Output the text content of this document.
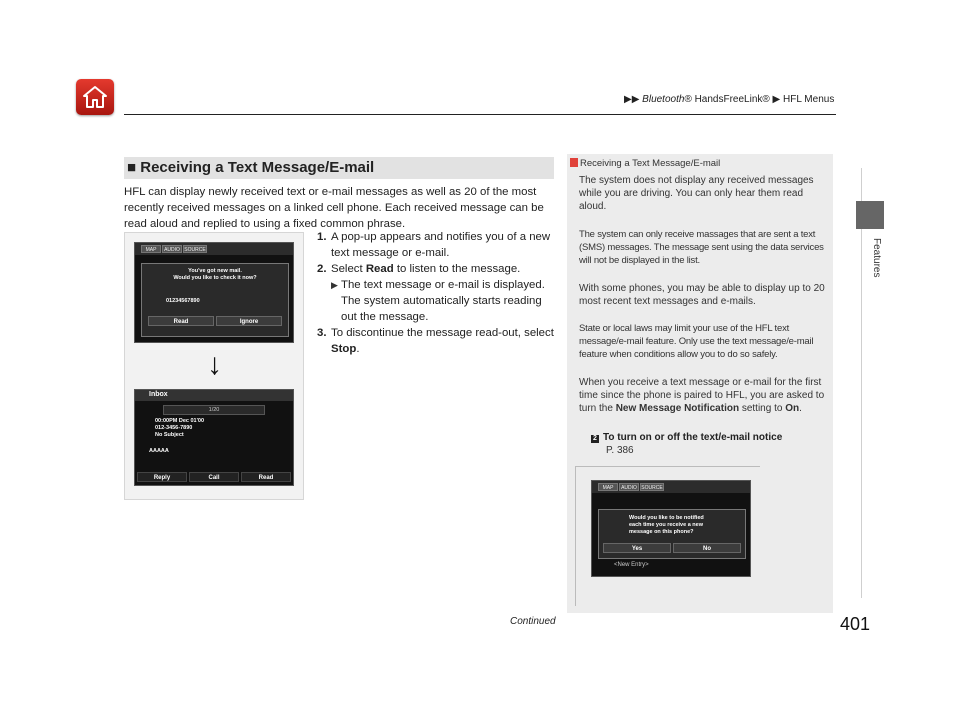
▶▶ Bluetooth® HandsFreeLink® ▶ HFL Menus
Features
■ Receiving a Text Message/E-mail
HFL can display newly received text or e-mail messages as well as 20 of the most recently received messages on a linked cell phone. Each received message can be read aloud and replied to using a fixed common phrase.
MAP	AUDIO SOURCE
You've got new mail.
Would you like to check it now?
01234567890
Read	Ignore
Inbox
1/20
00:00PM Dec 01'00
012-3456-7890
No Subject
AAAAA
Reply	Call	Read
↓

1. A pop-up appears and notifies you of a new text message or e-mail.

2. Select Read to listen to the message.

▶ The text message or e-mail is displayed.

The system automatically starts reading out the message.

3. To discontinue the message read-out, select Stop.

Receiving a Text Message/E-mail
The system does not display any received messages while you are driving. You can only hear them read aloud.
The system can only receive massages that are sent a text (SMS) messages. The message sent using the data services will not be displayed in the list.
With some phones, you may be able to display up to 20 most recent text messages and e-mails.
State or local laws may limit your use of the HFL text message/e-mail feature. Only use the text message/e-mail feature when conditions allow you to do so safely.
When you receive a text message or e-mail for the first time since the phone is paired to HFL, you are asked to turn the New Message Notification setting to On.
2 To turn on or off the text/e-mail notice
P. 386
MAP	AUDIO SOURCE
Would you like to be notified
each time you receive a new
message on this phone?
Yes	No
<New Entry>
Continued	401
